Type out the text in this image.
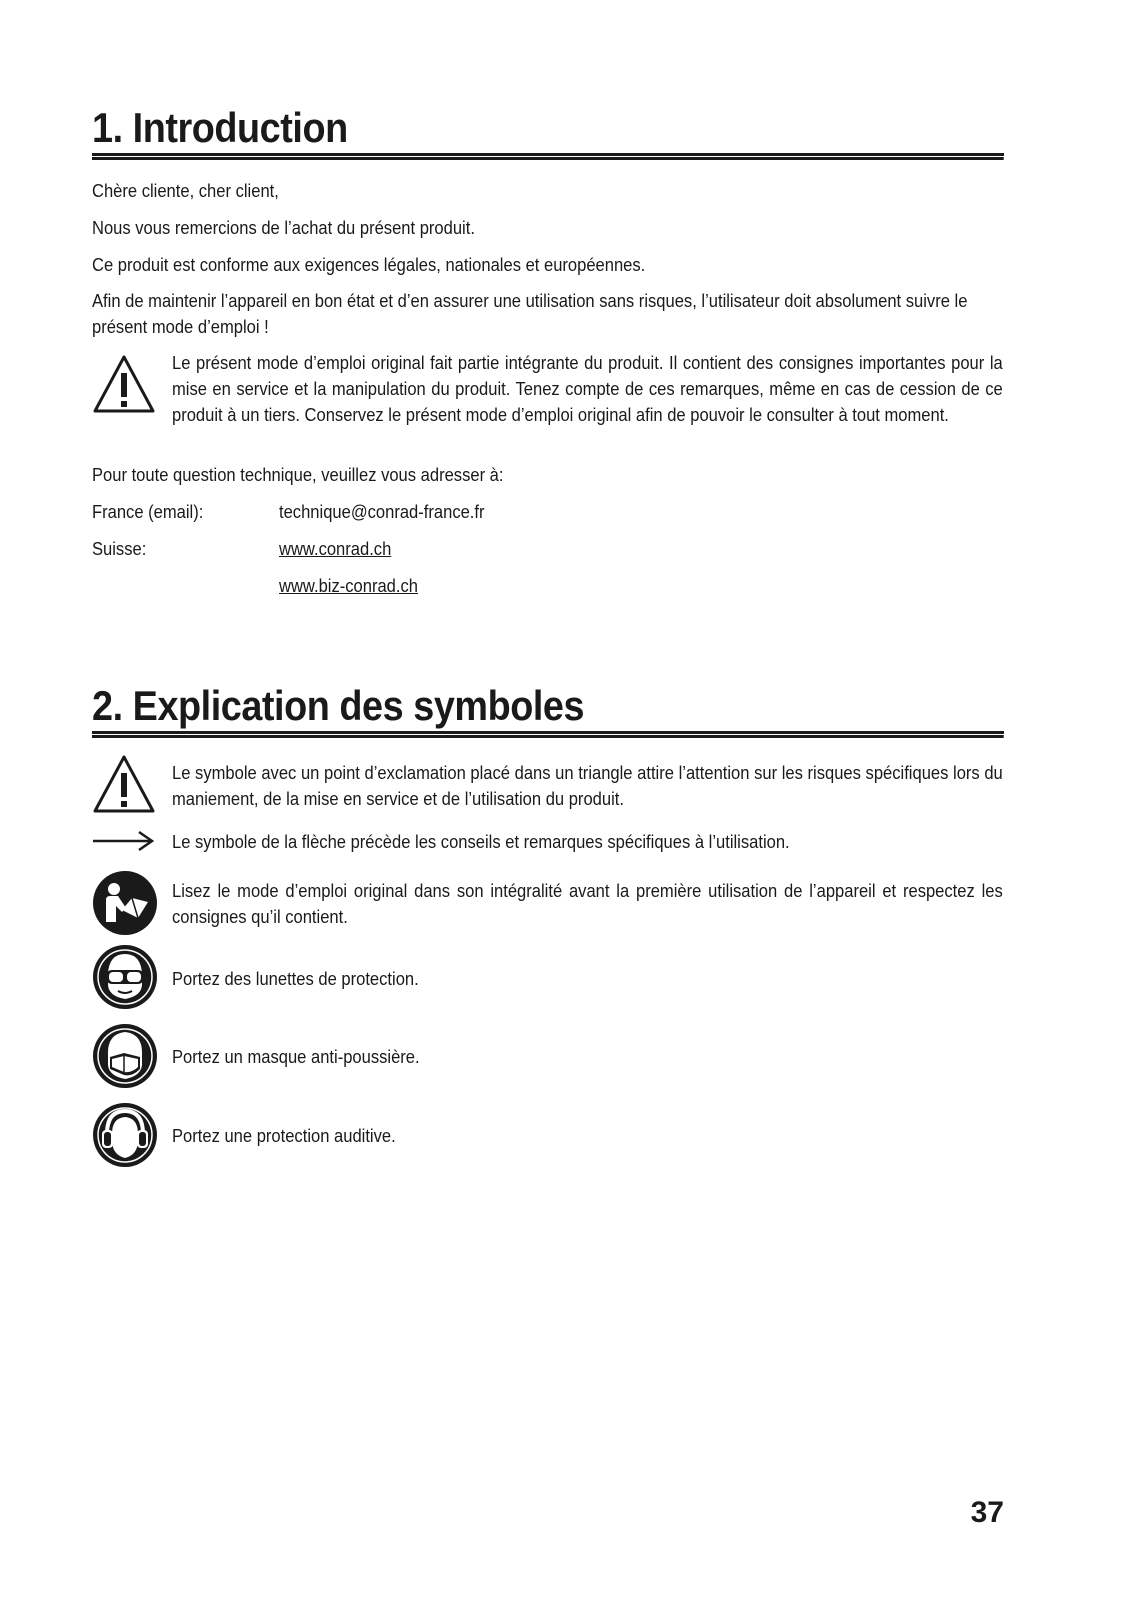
1. Introduction

Chère cliente, cher client,

Nous vous remercions de l’achat du présent produit.

Ce produit est conforme aux exigences légales, nationales et européennes.

Afin de maintenir l’appareil en bon état et d’en assurer une utilisation sans risques, l’utilisateur doit absolument suivre le présent mode d’emploi !

Le présent mode d’emploi original fait partie intégrante du produit. Il contient des consignes importantes pour la mise en service et la manipulation du produit. Tenez compte de ces remarques, même en cas de cession de ce produit à un tiers. Conservez le présent mode d’emploi original afin de pouvoir le consulter à tout moment.

Pour toute question technique, veuillez vous adresser à:

France (email):	technique@conrad-france.fr
Suisse:	www.conrad.ch
www.biz-conrad.ch
2. Explication des symboles

Le symbole avec un point d’exclamation placé dans un triangle attire l’attention sur les risques spécifiques lors du maniement, de la mise en service et de l’utilisation du produit.

Le symbole de la flèche précède les conseils et remarques spécifiques à l’utilisation.

Lisez le mode d’emploi original dans son intégralité avant la première utilisation de l’appareil et respectez les consignes qu’il contient.

Portez des lunettes de protection.

Portez un masque anti-poussière.

Portez une protection auditive.

37
